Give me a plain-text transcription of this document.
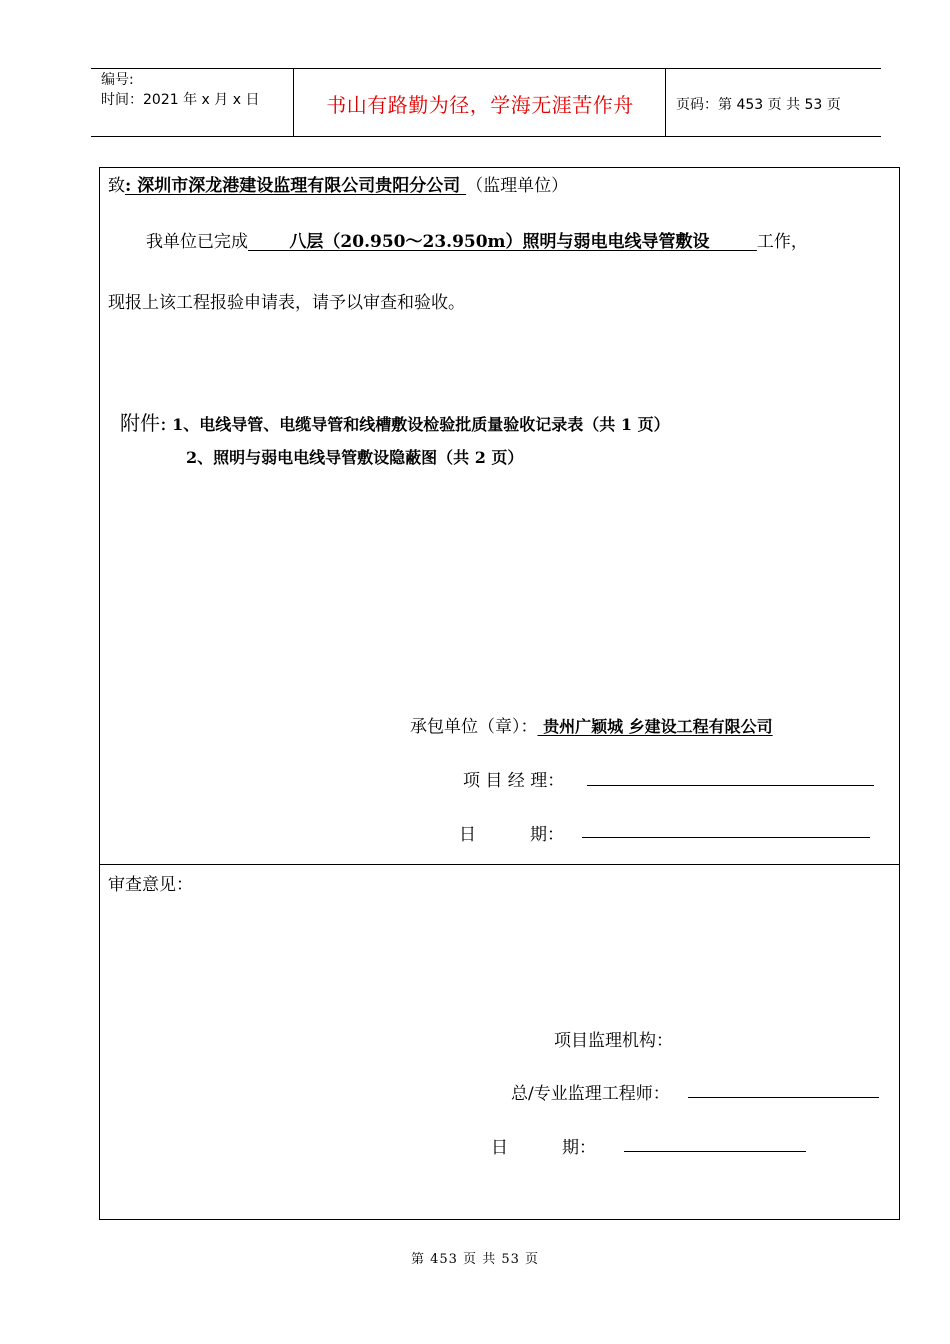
编号:
时间：2021 年 x 月 x 日	书山有路勤为径，学海无涯苦作舟	页码：第 453 页 共 53 页
致: 深圳市深龙港建设监理有限公司贵阳分公司 （监理单位）
我单位已完成       八层（20.950～23.950m）照明与弱电电线导管敷设        工作，
现报上该工程报验申请表，请予以审查和验收。
附件: 1、电线导管、电缆导管和线槽敷设检验批质量验收记录表（共 1 页）
2、照明与弱电电线导管敷设隐蔽图（共 2 页）
承包单位（章）： 贵州广颖城 乡建设工程有限公司
项 目 经 理：
日          期：
审查意见：
项目监理机构：
总/专业监理工程师：
日          期：
第 453 页 共 53 页
